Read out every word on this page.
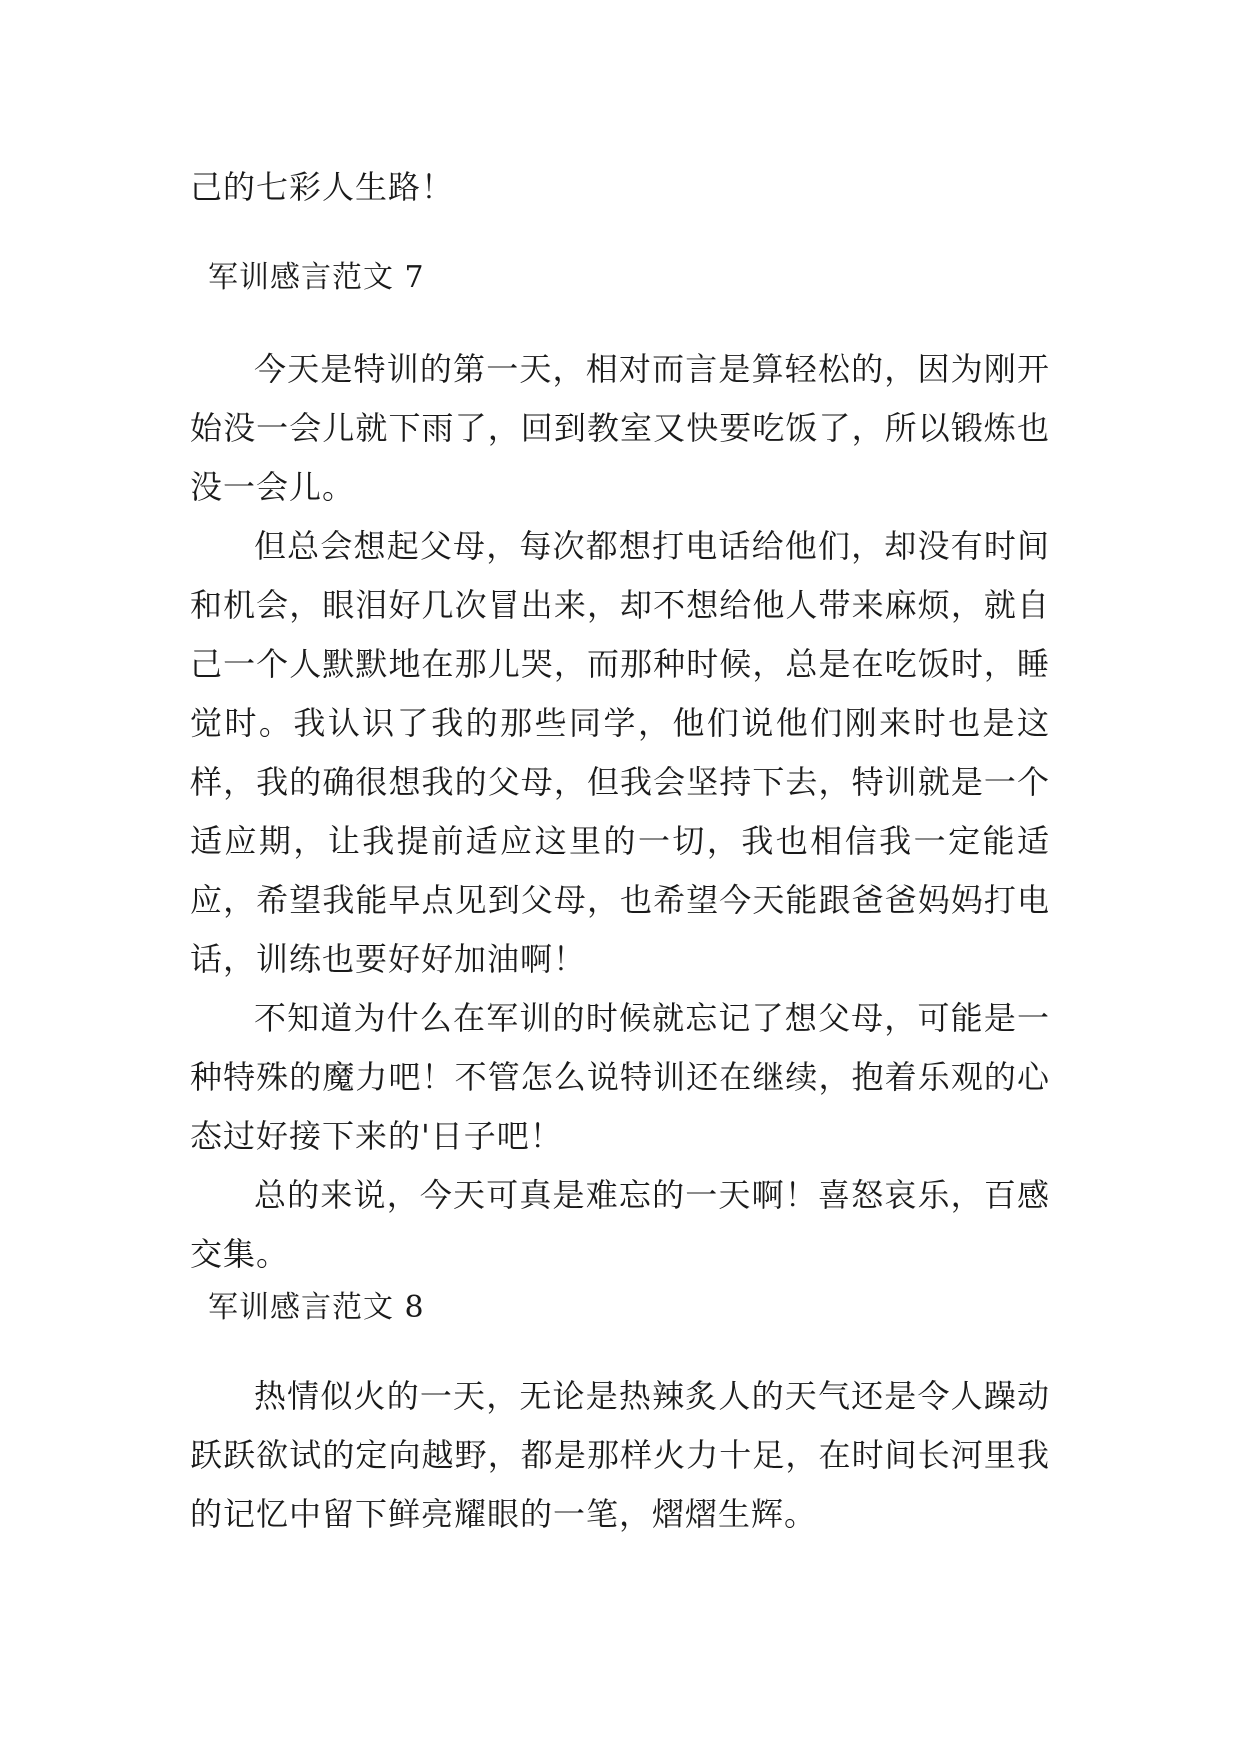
己的七彩人生路！

军训感言范文 7

今天是特训的第一天，相对而言是算轻松的，因为刚开始没一会儿就下雨了，回到教室又快要吃饭了，所以锻炼也没一会儿。

但总会想起父母，每次都想打电话给他们，却没有时间和机会，眼泪好几次冒出来，却不想给他人带来麻烦，就自己一个人默默地在那儿哭，而那种时候，总是在吃饭时，睡觉时。我认识了我的那些同学，他们说他们刚来时也是这样，我的确很想我的父母，但我会坚持下去，特训就是一个适应期，让我提前适应这里的一切，我也相信我一定能适应，希望我能早点见到父母，也希望今天能跟爸爸妈妈打电话，训练也要好好加油啊！

不知道为什么在军训的时候就忘记了想父母，可能是一种特殊的魔力吧！不管怎么说特训还在继续，抱着乐观的心态过好接下来的'日子吧！

总的来说，今天可真是难忘的一天啊！喜怒哀乐，百感交集。

军训感言范文 8

热情似火的一天，无论是热辣炙人的天气还是令人躁动跃跃欲试的定向越野，都是那样火力十足，在时间长河里我的记忆中留下鲜亮耀眼的一笔，熠熠生辉。
